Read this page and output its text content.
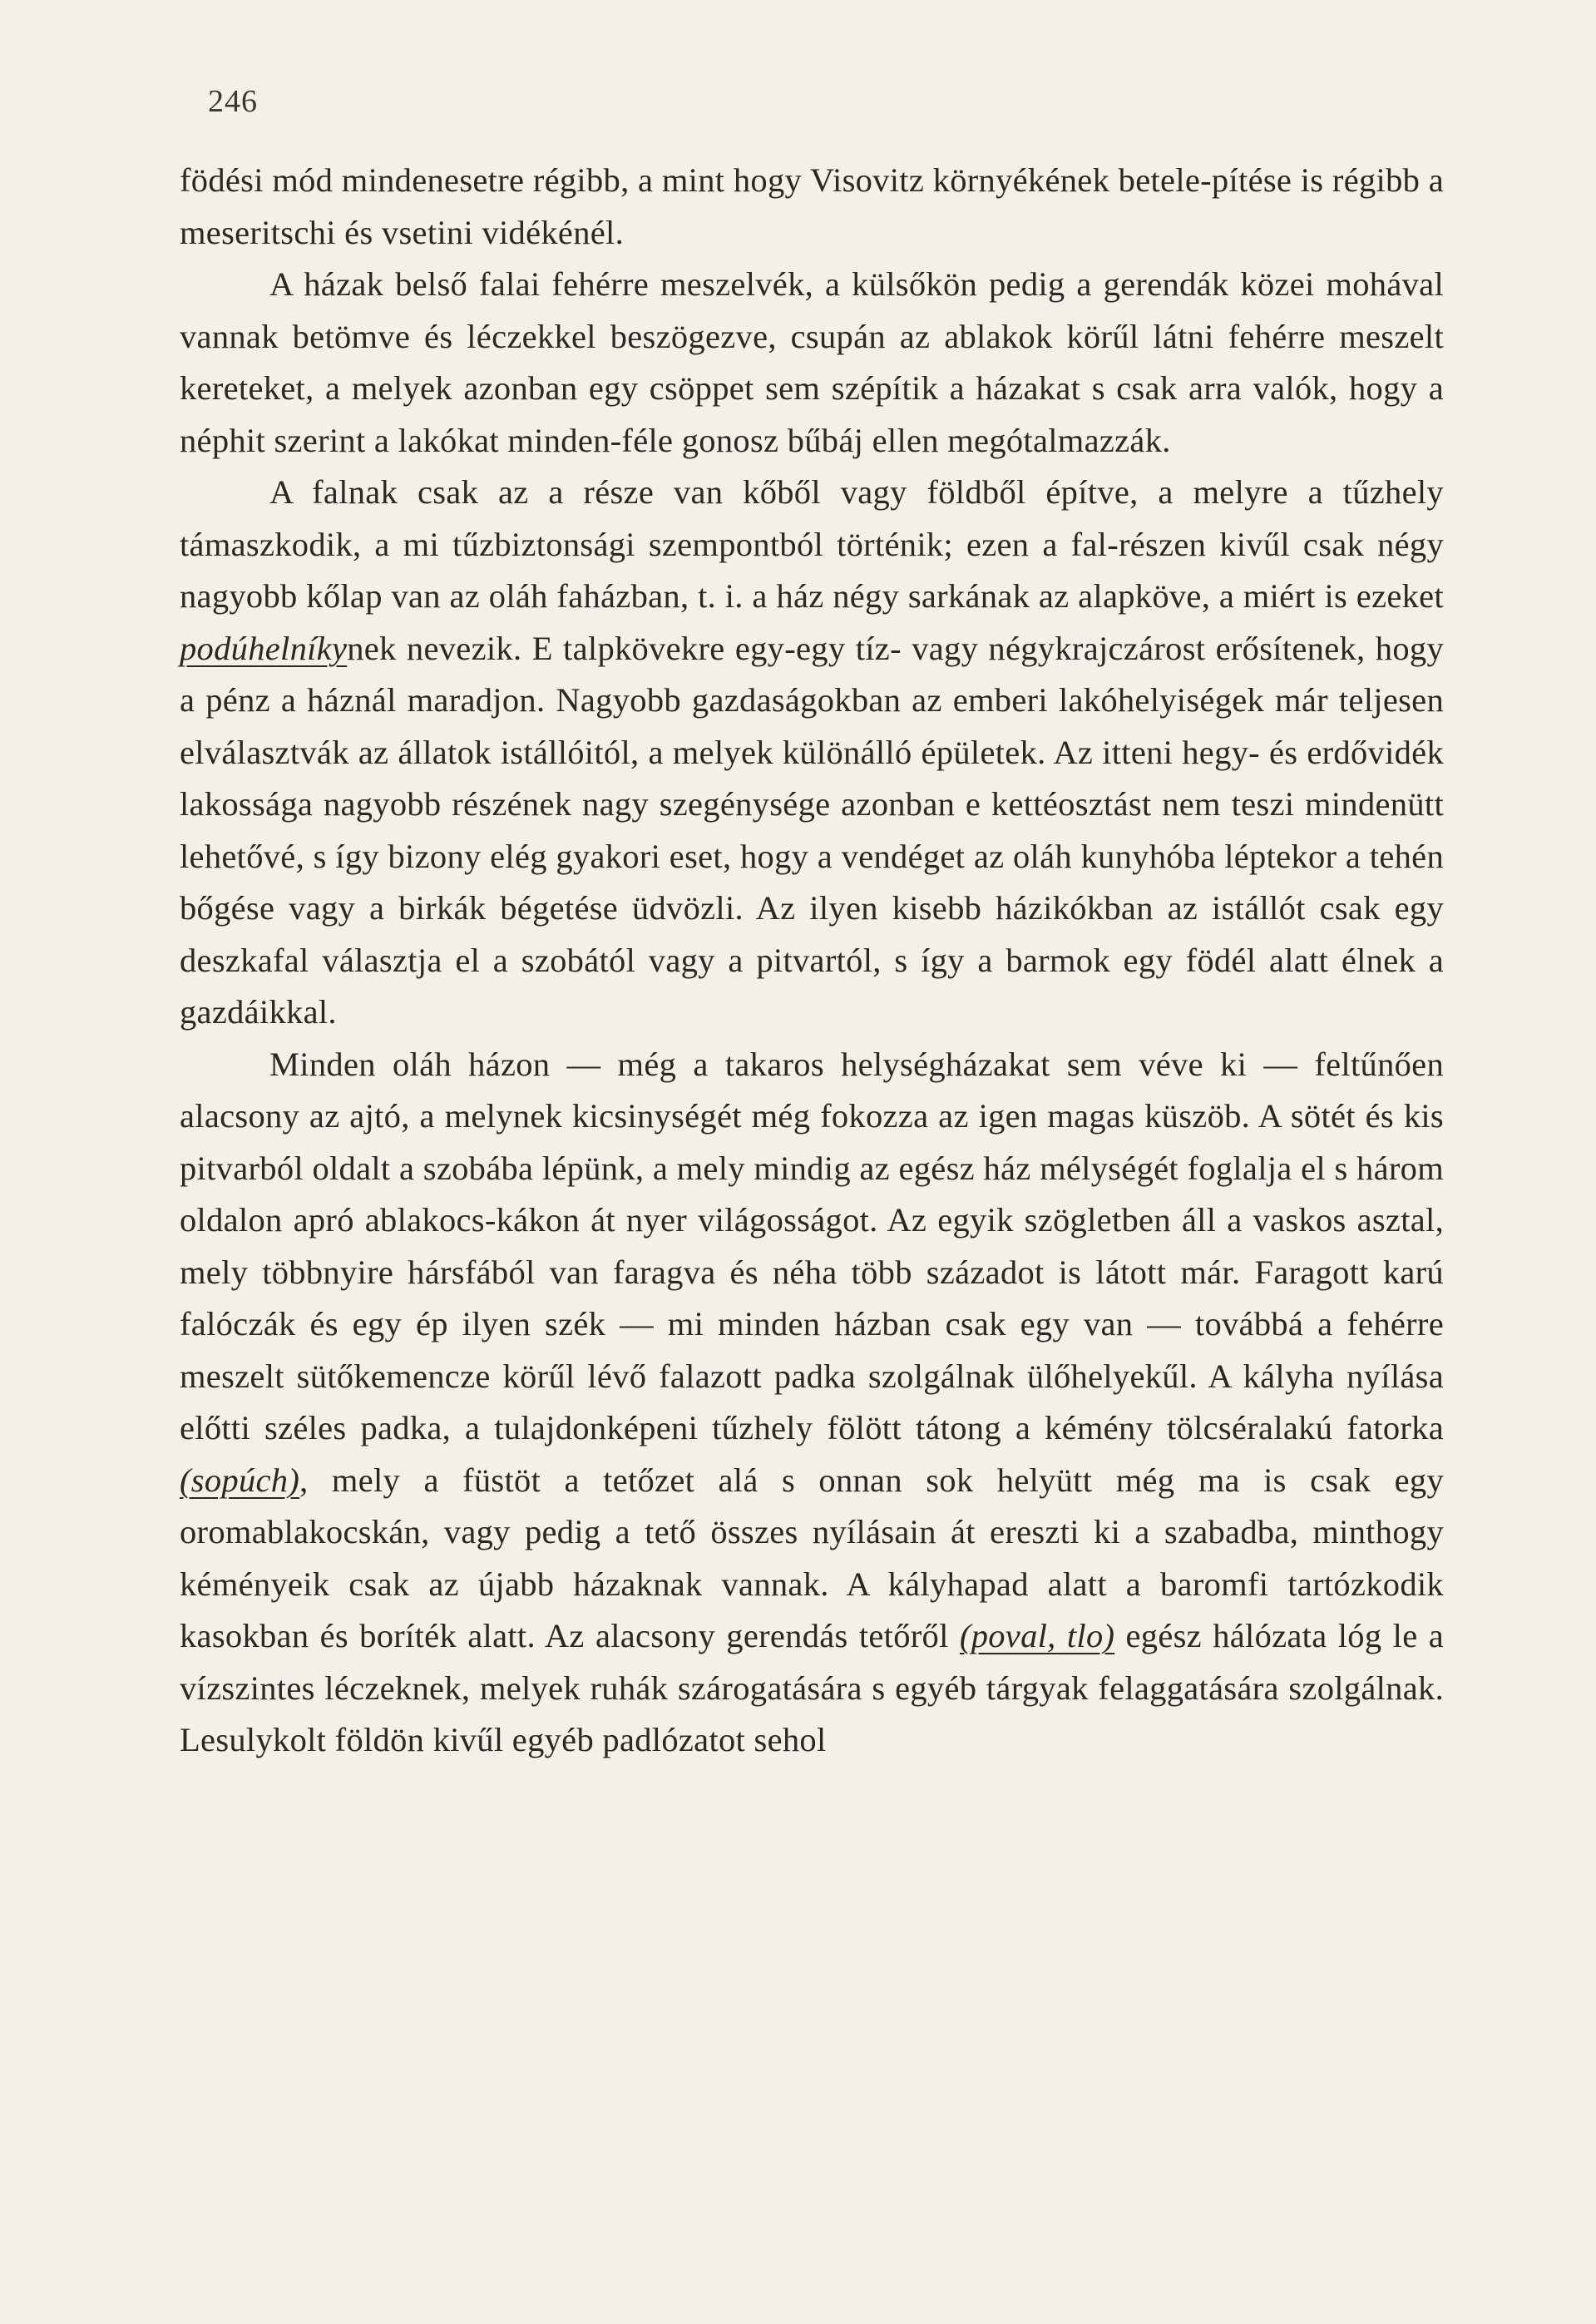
246

födési mód mindenesetre régibb, a mint hogy Visovitz környékének betele-pítése is régibb a meseritschi és vsetini vidékénél.

A házak belső falai fehérre meszelvék, a külsőkön pedig a gerendák közei mohával vannak betömve és léczekkel beszögezve, csupán az ablakok körűl látni fehérre meszelt kereteket, a melyek azonban egy csöppet sem szépítik a házakat s csak arra valók, hogy a néphit szerint a lakókat minden-féle gonosz bűbáj ellen megótalmazzák.

A falnak csak az a része van kőből vagy földből építve, a melyre a tűzhely támaszkodik, a mi tűzbiztonsági szempontból történik; ezen a fal-részen kivűl csak négy nagyobb kőlap van az oláh faházban, t. i. a ház négy sarkának az alapköve, a miért is ezeket podúhelníkynek nevezik. E talpkövekre egy-egy tíz- vagy négykrajczárost erősítenek, hogy a pénz a háznál maradjon. Nagyobb gazdaságokban az emberi lakóhelyiségek már teljesen elválasztvák az állatok istállóitól, a melyek különálló épületek. Az itteni hegy- és erdővidék lakossága nagyobb részének nagy szegénysége azonban e kettéosztást nem teszi mindenütt lehetővé, s így bizony elég gyakori eset, hogy a vendéget az oláh kunyhóba léptekor a tehén bőgése vagy a birkák bégetése üdvözli. Az ilyen kisebb házikókban az istállót csak egy deszkafal választja el a szobától vagy a pitvartól, s így a barmok egy födél alatt élnek a gazdáikkal.

Minden oláh házon — még a takaros helységházakat sem véve ki — feltűnően alacsony az ajtó, a melynek kicsinységét még fokozza az igen magas küszöb. A sötét és kis pitvarból oldalt a szobába lépünk, a mely mindig az egész ház mélységét foglalja el s három oldalon apró ablakocs-kákon át nyer világosságot. Az egyik szögletben áll a vaskos asztal, mely többnyire hársfából van faragva és néha több századot is látott már. Faragott karú falóczák és egy ép ilyen szék — mi minden házban csak egy van — továbbá a fehérre meszelt sütőkemencze körűl lévő falazott padka szolgálnak ülőhelyekűl. A kályha nyílása előtti széles padka, a tulajdonképeni tűzhely fölött tátong a kémény tölcséralakú fatorka (sopúch), mely a füstöt a tetőzet alá s onnan sok helyütt még ma is csak egy oromablakocskán, vagy pedig a tető összes nyílásain át ereszti ki a szabadba, minthogy kéményeik csak az újabb házaknak vannak. A kályhapad alatt a baromfi tartózkodik kasokban és boríték alatt. Az alacsony gerendás tetőről (poval, tlo) egész hálózata lóg le a vízszintes léczeknek, melyek ruhák szárogatására s egyéb tárgyak felaggatására szolgálnak. Lesulykolt földön kivűl egyéb padlózatot sehol
